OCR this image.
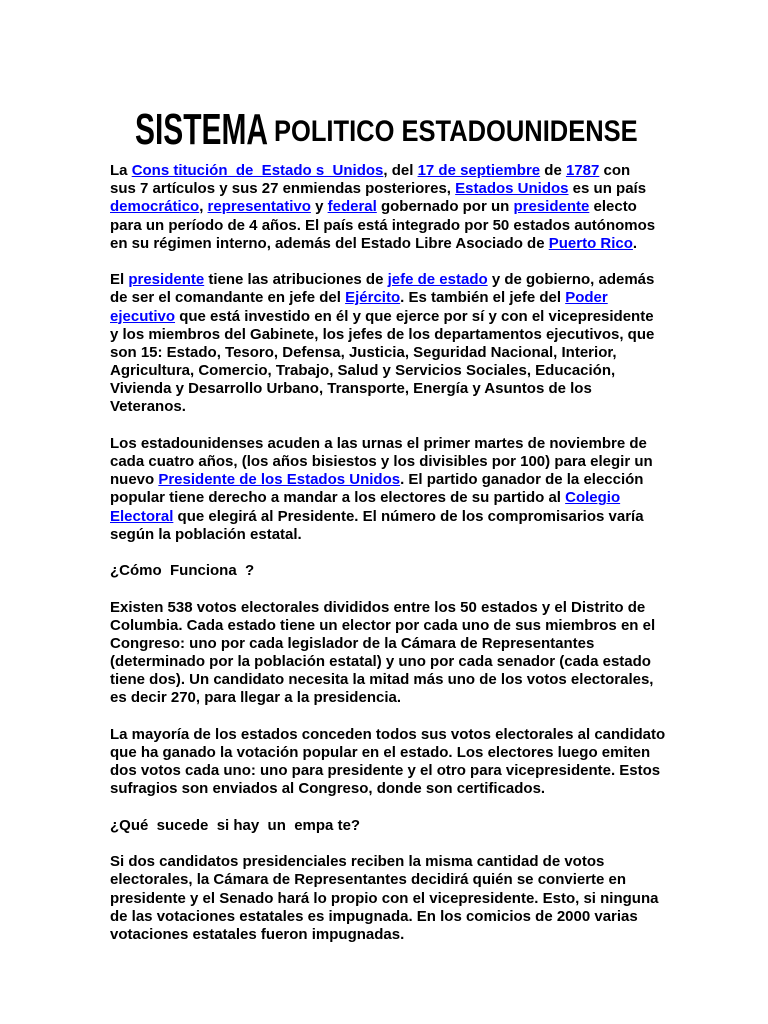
SISTEMA POLITICO ESTADOUNIDENSE
La Cons titución  de  Estado s  Unidos, del 17 de septiembre de 1787 con
sus 7 artículos y sus 27 enmiendas posteriores, Estados Unidos es un país
democrático, representativo y federal gobernado por un presidente electo
para un período de 4 años. El país está integrado por 50 estados autónomos
en su régimen interno, además del Estado Libre Asociado de Puerto Rico.
El presidente tiene las atribuciones de jefe de estado y de gobierno, además
de ser el comandante en jefe del Ejército. Es también el jefe del Poder
ejecutivo que está investido en él y que ejerce por sí y con el vicepresidente
y los miembros del Gabinete, los jefes de los departamentos ejecutivos, que
son 15: Estado, Tesoro, Defensa, Justicia, Seguridad Nacional, Interior,
Agricultura, Comercio, Trabajo, Salud y Servicios Sociales, Educación,
Vivienda y Desarrollo Urbano, Transporte, Energía y Asuntos de los
Veteranos.
Los estadounidenses acuden a las urnas el primer martes de noviembre de
cada cuatro años, (los años bisiestos y los divisibles por 100) para elegir un
nuevo Presidente de los Estados Unidos. El partido ganador de la elección
popular tiene derecho a mandar a los electores de su partido al Colegio
Electoral que elegirá al Presidente. El número de los compromisarios varía
según la población estatal.
¿Cómo  Funciona  ?
Existen 538 votos electorales divididos entre los 50 estados y el Distrito de
Columbia. Cada estado tiene un elector por cada uno de sus miembros en el
Congreso: uno por cada legislador de la Cámara de Representantes
(determinado por la población estatal) y uno por cada senador (cada estado
tiene dos). Un candidato necesita la mitad más uno de los votos electorales,
es decir 270, para llegar a la presidencia.
La mayoría de los estados conceden todos sus votos electorales al candidato
que ha ganado la votación popular en el estado. Los electores luego emiten
dos votos cada uno: uno para presidente y el otro para vicepresidente. Estos
sufragios son enviados al Congreso, donde son certificados.
¿Qué  sucede  si hay  un  empa te?
Si dos candidatos presidenciales reciben la misma cantidad de votos
electorales, la Cámara de Representantes decidirá quién se convierte en
presidente y el Senado hará lo propio con el vicepresidente. Esto, si ninguna
de las votaciones estatales es impugnada. En los comicios de 2000 varias
votaciones estatales fueron impugnadas.
